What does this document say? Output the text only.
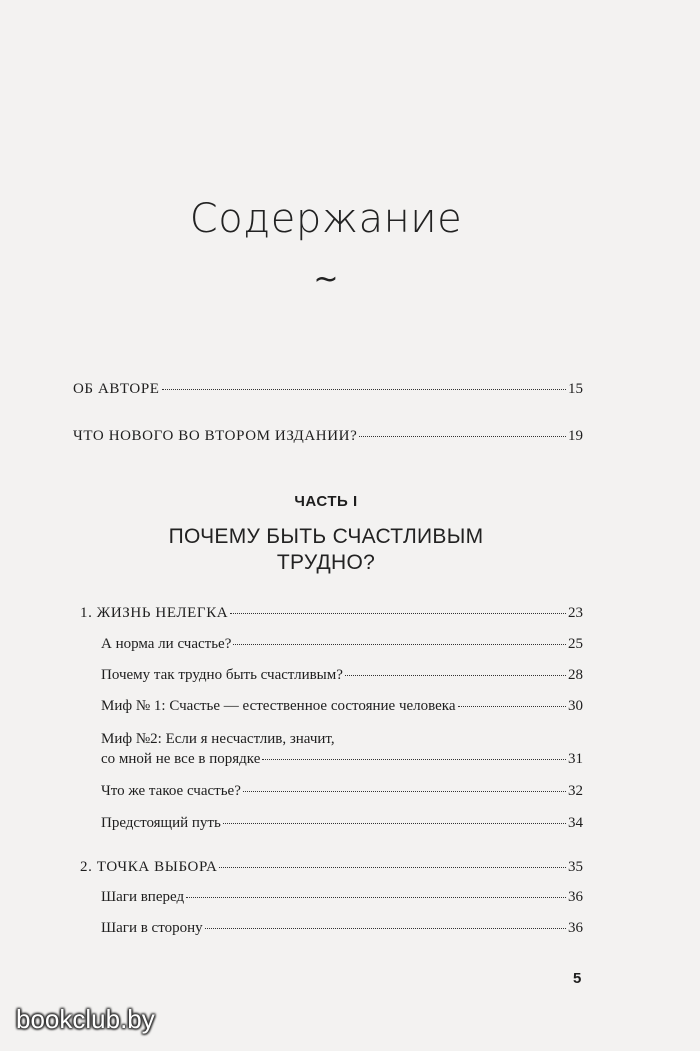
Содержание
~
ОБ АВТОРЕ	15
ЧТО НОВОГО ВО ВТОРОМ ИЗДАНИИ?	19
ЧАСТЬ I
ПОЧЕМУ БЫТЬ СЧАСТЛИВЫМ
ТРУДНО?
1. ЖИЗНЬ НЕЛЕГКА	23
А норма ли счастье?	25
Почему так трудно быть счастливым?	28
Миф № 1: Счастье — естественное состояние человека	30
Миф №2: Если я несчастлив, значит,
со мной не все в порядке	31
Что же такое счастье?	32
Предстоящий путь	34
2. ТОЧКА ВЫБОРА	35
Шаги вперед	36
Шаги в сторону	36
5
bookclub.by
